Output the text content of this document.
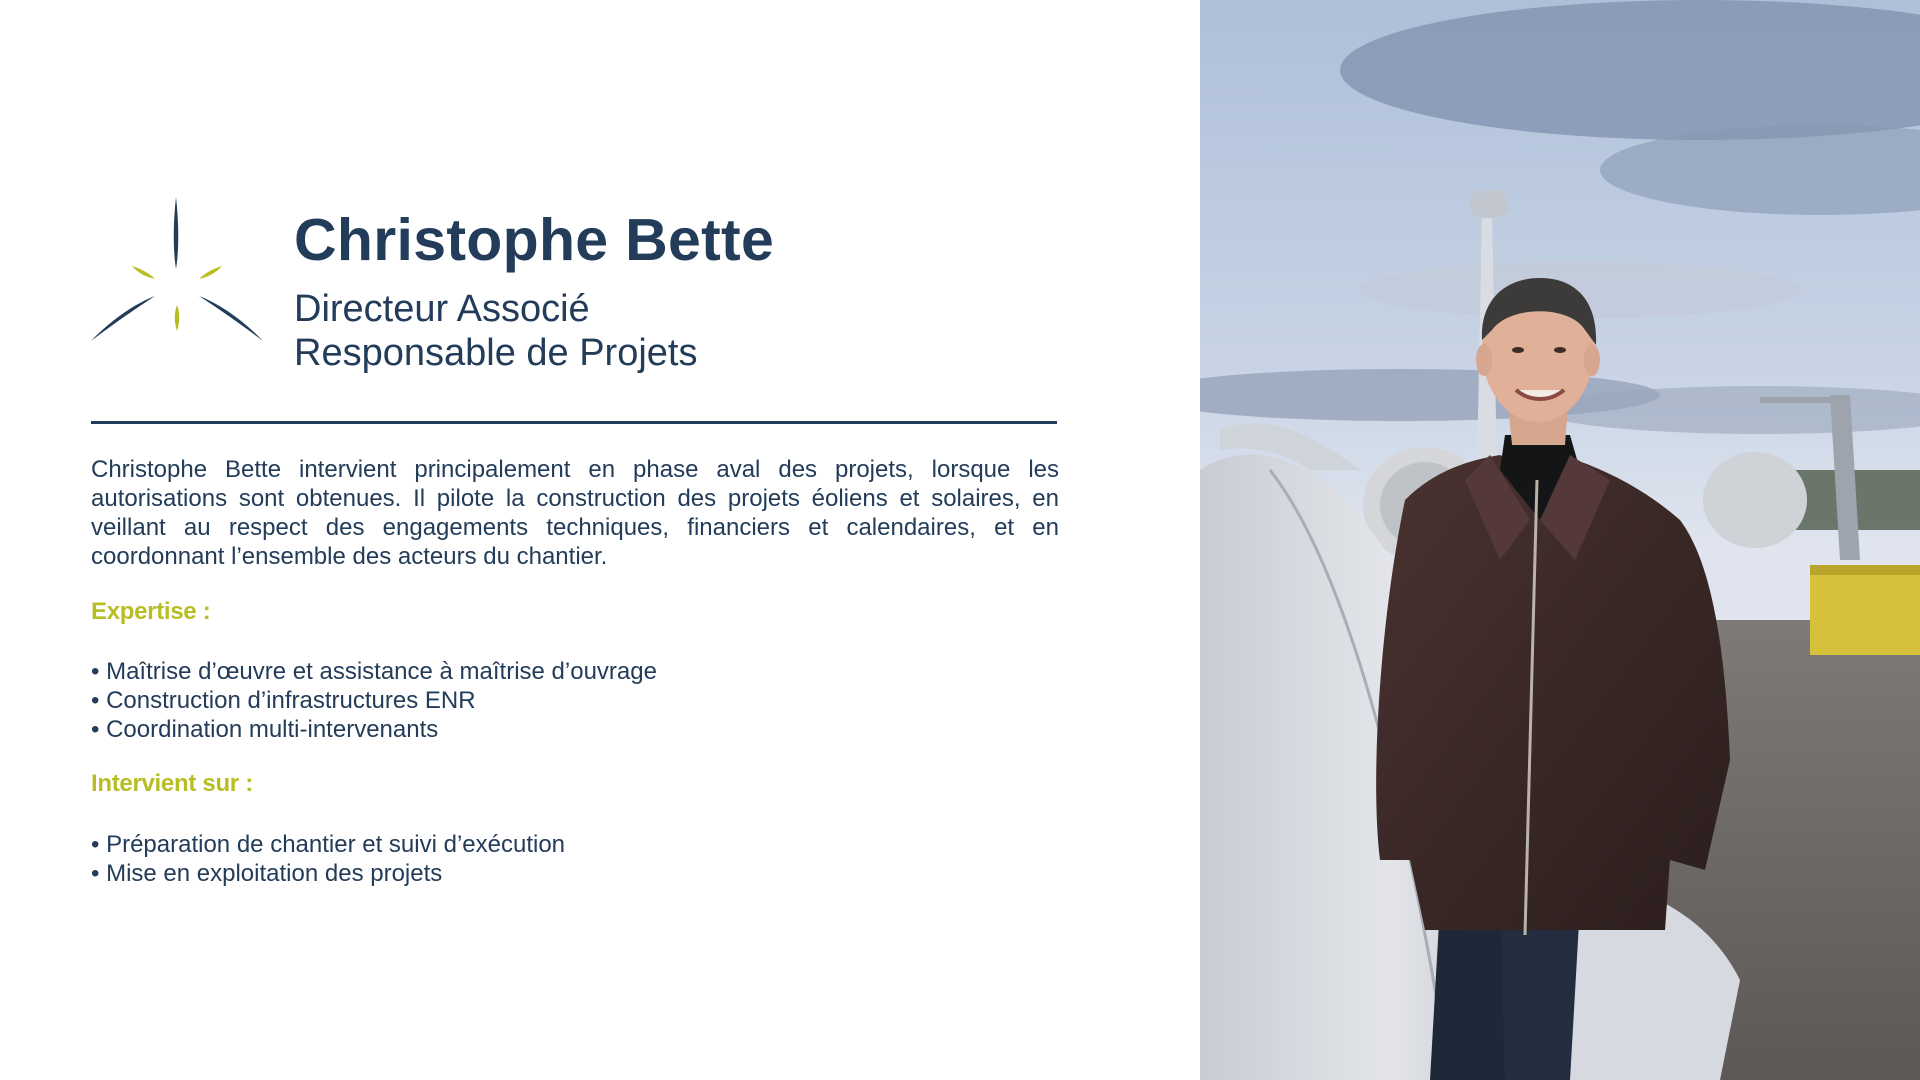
Christophe Bette
Directeur Associé
Responsable de Projets

Christophe Bette intervient principalement en phase aval des projets, lorsque les autorisations sont obtenues. Il pilote la construction des projets éoliens et solaires, en veillant au respect des engagements techniques, financiers et calendaires, et en coordonnant l’ensemble des acteurs du chantier.

Expertise :
• Maîtrise d’œuvre et assistance à maîtrise d’ouvrage
• Construction d’infrastructures ENR
• Coordination multi-intervenants
Intervient sur :
• Préparation de chantier et suivi d’exécution
• Mise en exploitation des projets
